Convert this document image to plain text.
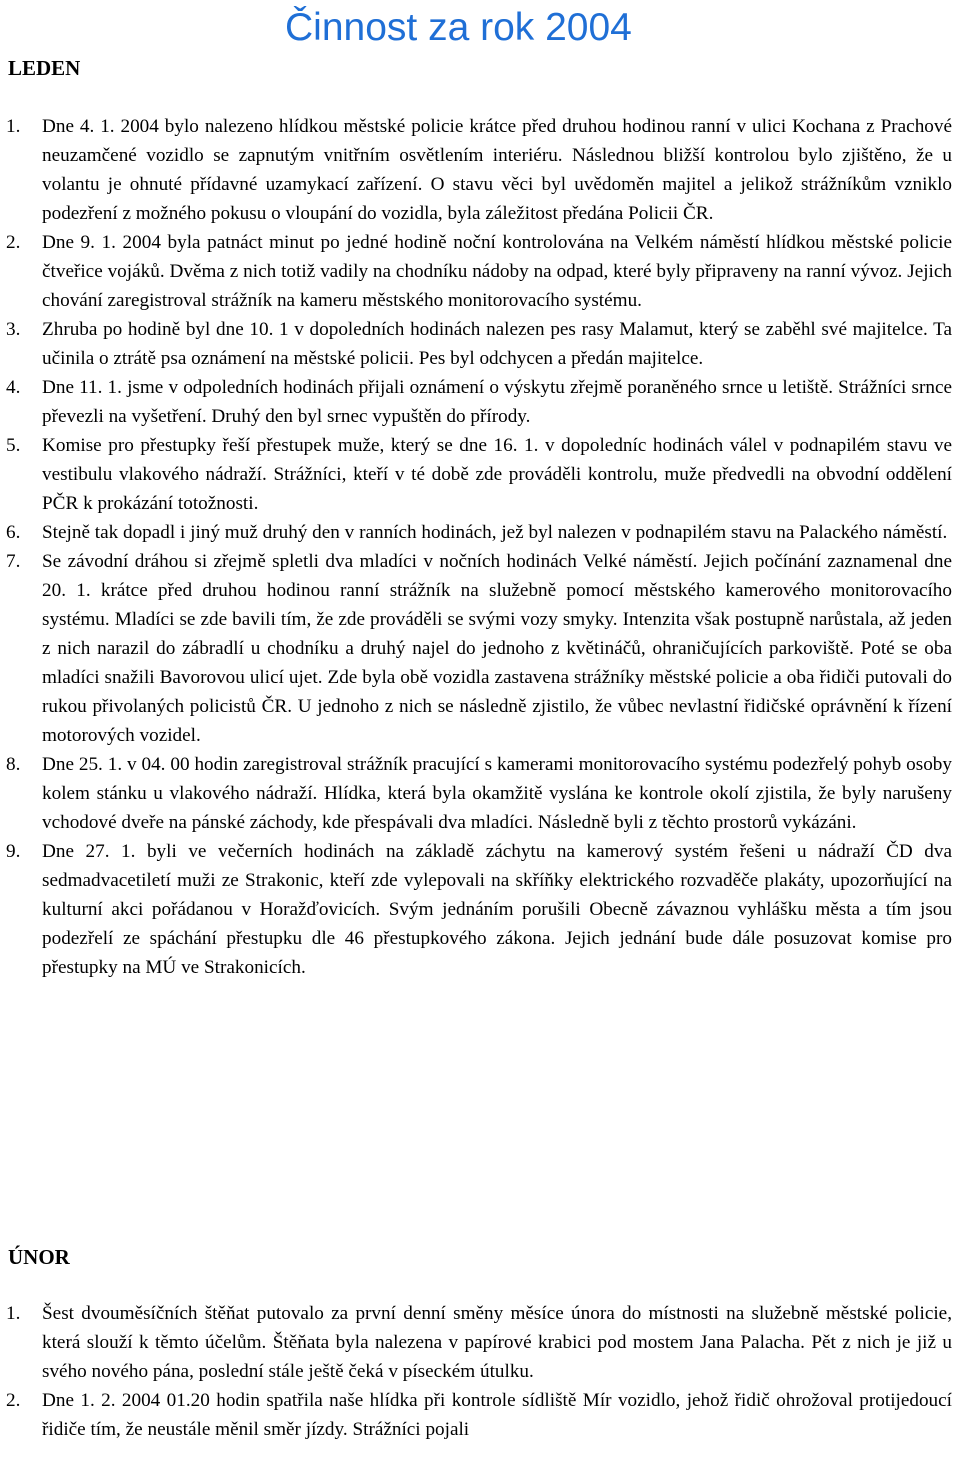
Činnost za rok 2004
LEDEN
1. Dne 4. 1. 2004 bylo nalezeno hlídkou městské policie krátce před druhou hodinou ranní v ulici Kochana z Prachové neuzamčené vozidlo se zapnutým vnitřním osvětlením interiéru. Následnou bližší kontrolou bylo zjištěno, že u volantu je ohnuté přídavné uzamykací zařízení. O stavu věci byl uvědoměn majitel a jelikož strážníkům vzniklo podezření z možného pokusu o vloupání do vozidla, byla záležitost předána Policii ČR.
2. Dne 9. 1. 2004 byla patnáct minut po jedné hodině noční kontrolována na Velkém náměstí hlídkou městské policie čtveřice vojáků. Dvěma z nich totiž vadily na chodníku nádoby na odpad, které byly připraveny na ranní vývoz. Jejich chování zaregistroval strážník na kameru městského monitorovacího systému.
3. Zhruba po hodině byl dne 10. 1 v dopoledních hodinách nalezen pes rasy Malamut, který se zaběhl své majitelce. Ta učinila o ztrátě psa oznámení na městské policii. Pes byl odchycen a předán majitelce.
4. Dne 11. 1. jsme v odpoledních hodinách přijali oznámení o výskytu zřejmě poraněného srnce u letiště. Strážníci srnce převezli na vyšetření. Druhý den byl srnec vypuštěn do přírody.
5. Komise pro přestupky řeší přestupek muže, který se dne 16. 1. v dopoledníc hodinách válel v podnapilém stavu ve vestibulu vlakového nádraží. Strážníci, kteří v té době zde prováděli kontrolu, muže předvedli na obvodní oddělení PČR k prokázání totožnosti.
6. Stejně tak dopadl i jiný muž druhý den v ranních hodinách, jež byl nalezen v podnapilém stavu na Palackého náměstí.
7. Se závodní dráhou si zřejmě spletli dva mladíci v nočních hodinách Velké náměstí. Jejich počínání zaznamenal dne 20. 1. krátce před druhou hodinou ranní strážník na služebně pomocí městského kamerového monitorovacího systému. Mladíci se zde bavili tím, že zde prováděli se svými vozy smyky. Intenzita však postupně narůstala, až jeden z nich narazil do zábradlí u chodníku a druhý najel do jednoho z květináčů, ohraničujících parkoviště. Poté se oba mladíci snažili Bavorovou ulicí ujet. Zde byla obě vozidla zastavena strážníky městské policie a oba řidiči putovali do rukou přivolaných policistů ČR. U jednoho z nich se následně zjistilo, že vůbec nevlastní řidičské oprávnění k řízení motorových vozidel.
8. Dne 25. 1. v 04. 00 hodin zaregistroval strážník pracující s kamerami monitorovacího systému podezřelý pohyb osoby kolem stánku u vlakového nádraží. Hlídka, která byla okamžitě vyslána ke kontrole okolí zjistila, že byly narušeny vchodové dveře na pánské záchody, kde přespávali dva mladíci. Následně byli z těchto prostorů vykázáni.
9. Dne 27. 1. byli ve večerních hodinách na základě záchytu na kamerový systém řešeni u nádraží ČD dva sedmadvacetiletí muži ze Strakonic, kteří zde vylepovali na skříňky elektrického rozvaděče plakáty, upozorňující na kulturní akci pořádanou v Horažďovicích. Svým jednáním porušili Obecně závaznou vyhlášku města a tím jsou podezřelí ze spáchání přestupku dle 46 přestupkového zákona. Jejich jednání bude dále posuzovat komise pro přestupky na MÚ ve Strakonicích.
ÚNOR
1. Šest dvouměsíčních štěňat putovalo za první denní směny měsíce února do místnosti na služebně městské policie, která slouží k těmto účelům. Štěňata byla nalezena v papírové krabici pod mostem Jana Palacha. Pět z nich je již u svého nového pána, poslední stále ještě čeká v píseckém útulku.
2. Dne 1. 2. 2004 01.20 hodin spatřila naše hlídka při kontrole sídliště Mír vozidlo, jehož řidič ohrožoval protijedoucí řidiče tím, že neustále měnil směr jízdy. Strážníci pojali
